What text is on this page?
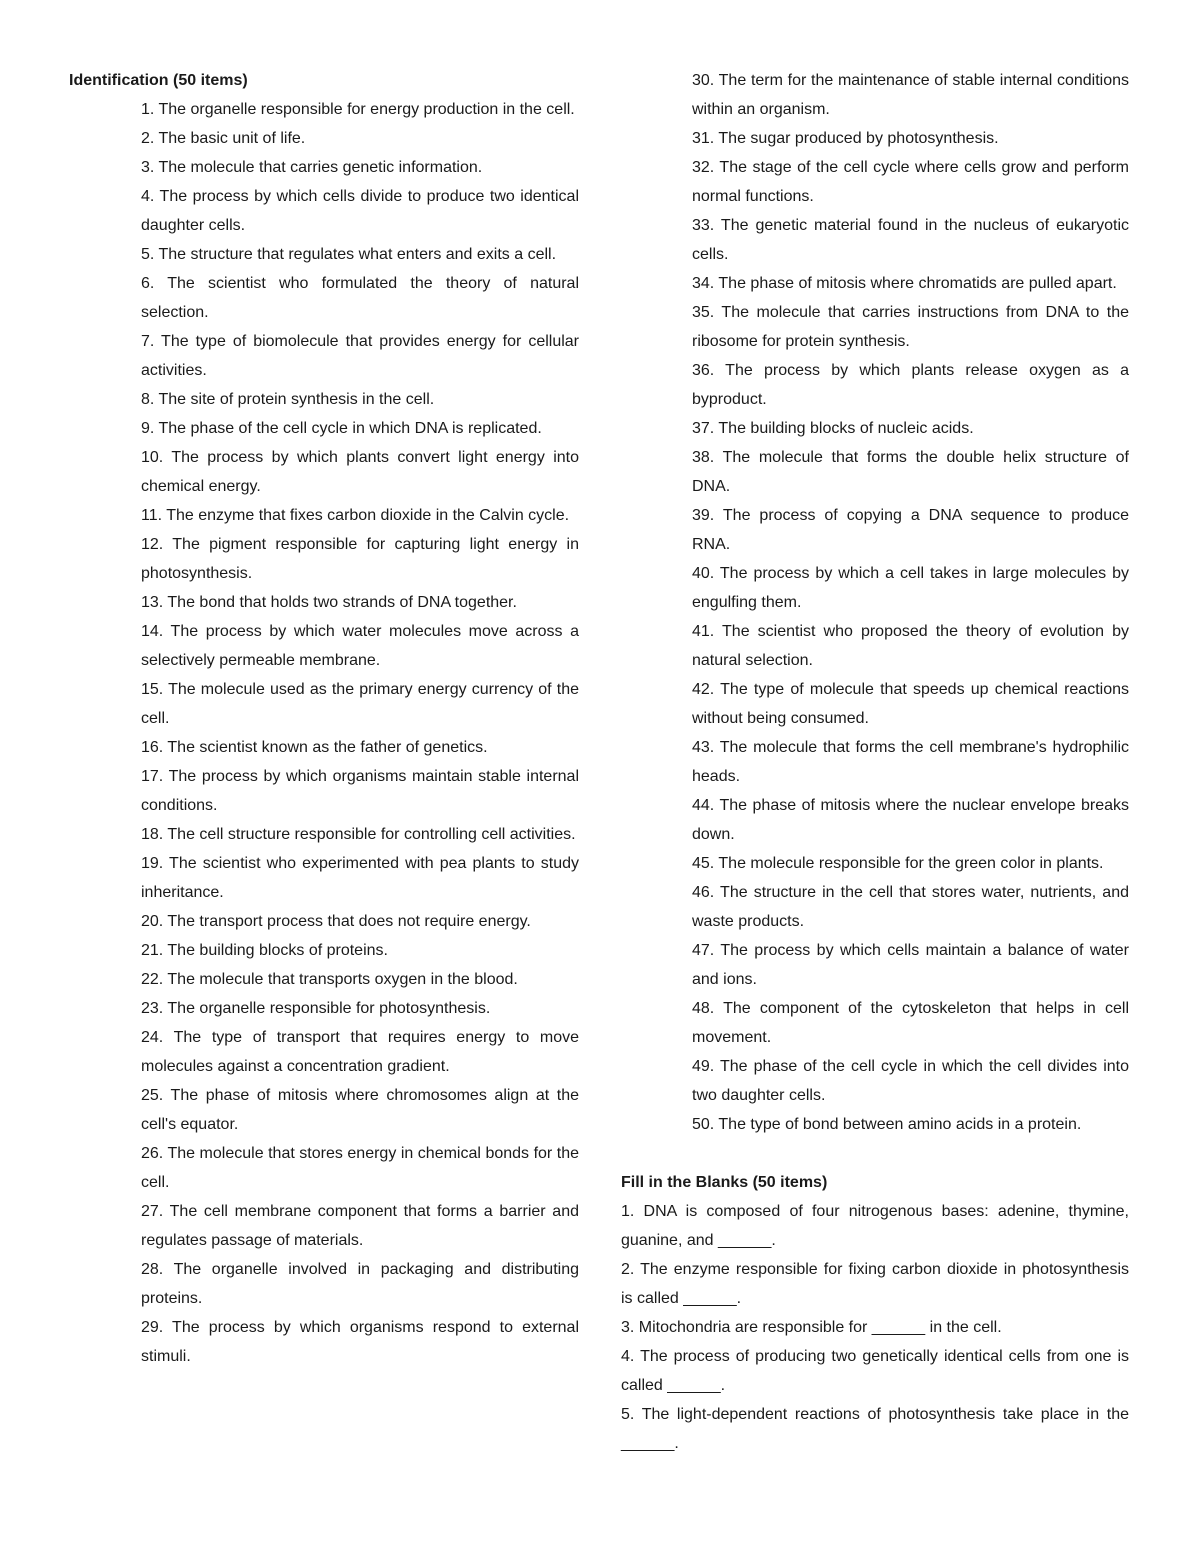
Identification (50 items)

1. The organelle responsible for energy production in the cell.

2. The basic unit of life.

3. The molecule that carries genetic information.

4. The process by which cells divide to produce two identical daughter cells.

5. The structure that regulates what enters and exits a cell.

6. The scientist who formulated the theory of natural selection.

7. The type of biomolecule that provides energy for cellular activities.

8. The site of protein synthesis in the cell.

9. The phase of the cell cycle in which DNA is replicated.

10. The process by which plants convert light energy into chemical energy.

11. The enzyme that fixes carbon dioxide in the Calvin cycle.

12. The pigment responsible for capturing light energy in photosynthesis.

13. The bond that holds two strands of DNA together.

14. The process by which water molecules move across a selectively permeable membrane.

15. The molecule used as the primary energy currency of the cell.

16. The scientist known as the father of genetics.

17. The process by which organisms maintain stable internal conditions.

18. The cell structure responsible for controlling cell activities.

19. The scientist who experimented with pea plants to study inheritance.

20. The transport process that does not require energy.

21. The building blocks of proteins.

22. The molecule that transports oxygen in the blood.

23. The organelle responsible for photosynthesis.

24. The type of transport that requires energy to move molecules against a concentration gradient.

25. The phase of mitosis where chromosomes align at the cell's equator.

26. The molecule that stores energy in chemical bonds for the cell.

27. The cell membrane component that forms a barrier and regulates passage of materials.

28. The organelle involved in packaging and distributing proteins.

29. The process by which organisms respond to external stimuli.

30. The term for the maintenance of stable internal conditions within an organism.

31. The sugar produced by photosynthesis.

32. The stage of the cell cycle where cells grow and perform normal functions.

33. The genetic material found in the nucleus of eukaryotic cells.

34. The phase of mitosis where chromatids are pulled apart.

35. The molecule that carries instructions from DNA to the ribosome for protein synthesis.

36. The process by which plants release oxygen as a byproduct.

37. The building blocks of nucleic acids.

38. The molecule that forms the double helix structure of DNA.

39. The process of copying a DNA sequence to produce RNA.

40. The process by which a cell takes in large molecules by engulfing them.

41. The scientist who proposed the theory of evolution by natural selection.

42. The type of molecule that speeds up chemical reactions without being consumed.

43. The molecule that forms the cell membrane's hydrophilic heads.

44. The phase of mitosis where the nuclear envelope breaks down.

45. The molecule responsible for the green color in plants.

46. The structure in the cell that stores water, nutrients, and waste products.

47. The process by which cells maintain a balance of water and ions.

48. The component of the cytoskeleton that helps in cell movement.

49. The phase of the cell cycle in which the cell divides into two daughter cells.

50. The type of bond between amino acids in a protein.

Fill in the Blanks (50 items)

1. DNA is composed of four nitrogenous bases: adenine, thymine, guanine, and ______.

2. The enzyme responsible for fixing carbon dioxide in photosynthesis is called ______.

3. Mitochondria are responsible for ______ in the cell.

4. The process of producing two genetically identical cells from one is called ______.

5. The light-dependent reactions of photosynthesis take place in the ______.
